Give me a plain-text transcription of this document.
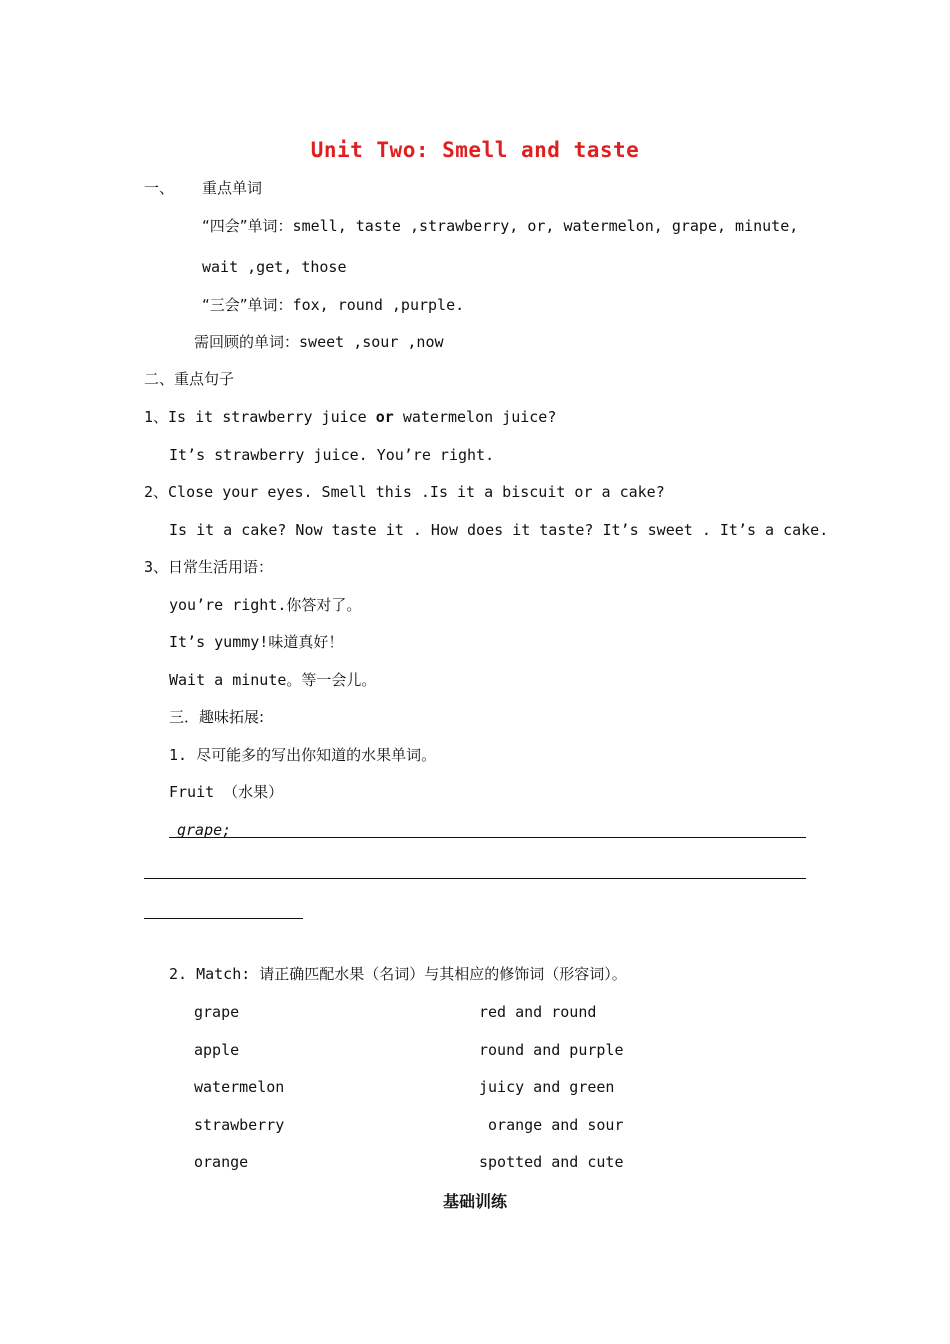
Unit Two: Smell and taste
一、 重点单词
“四会”单词：smell, taste ,strawberry, or, watermelon, grape, minute,
wait ,get, those
“三会”单词：fox, round ,purple.
需回顾的单词：sweet ,sour ,now
二、重点句子
1、Is it strawberry juice or watermelon juice?
It’s strawberry juice. You’re right.
2、Close your eyes. Smell this .Is it a biscuit or a cake?
Is it a cake? Now taste it . How does it taste? It’s sweet . It’s a cake.
3、日常生活用语：
you’re right.你答对了。
It’s yummy!味道真好！
Wait a minute。等一会儿。
三．趣味拓展:
1. 尽可能多的写出你知道的水果单词。
Fruit （水果）
grape;
2. Match: 请正确匹配水果（名词）与其相应的修饰词（形容词）。
grape	red and round
apple	round and purple
watermelon	juicy and green
strawberry	orange and sour
orange	spotted and cute
基础训练
